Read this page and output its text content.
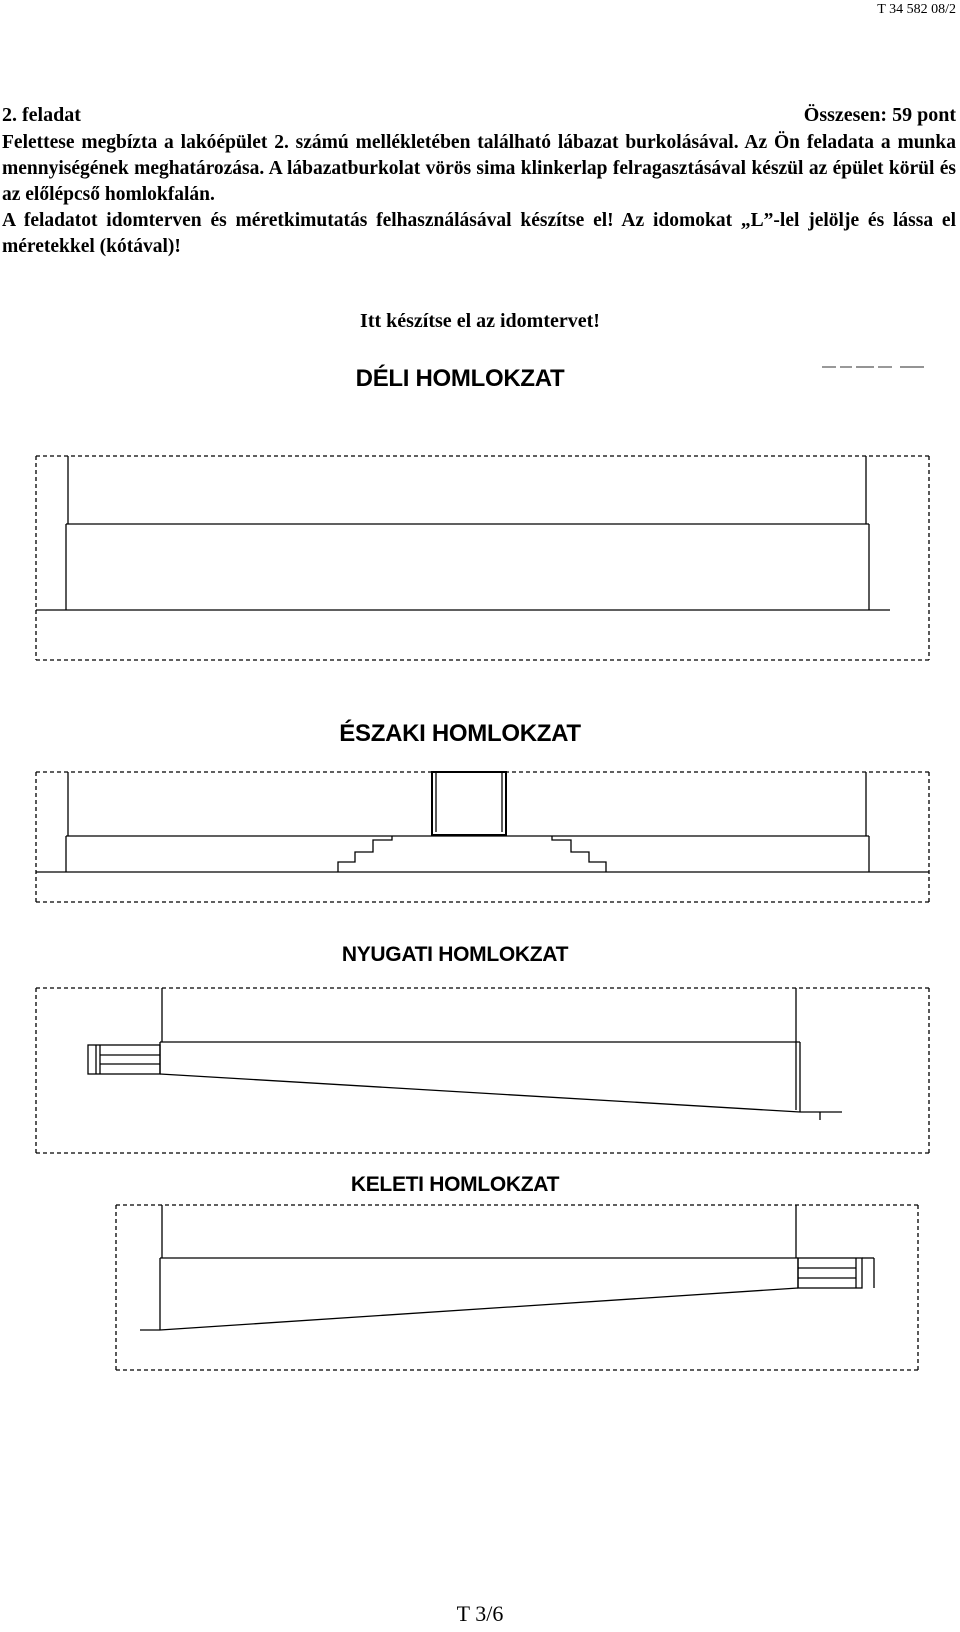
T 34 582 08/2
2. feladat	Összesen: 59 pont

Felettese megbízta a lakóépület 2. számú mellékletében található lábazat burkolásával. Az Ön feladata a munka mennyiségének meghatározása. A lábazatburkolat vörös sima klinkerlap felragasztásával készül az épület körül és az előlépcső homlokfalán.

A feladatot idomterven és méretkimutatás felhasználásával készítse el! Az idomokat „L”-lel jelölje és lássa el méretekkel (kótával)!

Itt készítse el az idomtervet!
DÉLI HOMLOKZAT
ÉSZAKI HOMLOKZAT
NYUGATI HOMLOKZAT
KELETI HOMLOKZAT
T 3/6
